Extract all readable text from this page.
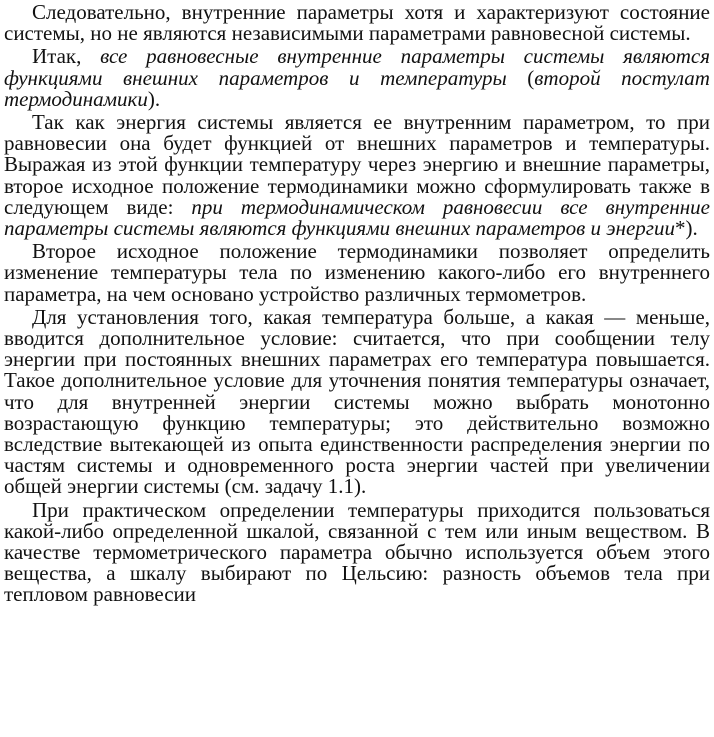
Следовательно, внутренние параметры хотя и характеризуют состояние системы, но не являются независимыми параметрами равновесной системы.

Итак, все равновесные внутренние параметры системы являются функциями внешних параметров и температуры (второй постулат термодинамики).

Так как энергия системы является ее внутренним параметром, то при равновесии она будет функцией от внешних параметров и температуры. Выражая из этой функции температуру через энергию и внешние параметры, второе исходное положение термодинамики можно сформулировать также в следующем виде: при термодинамическом равновесии все внутренние параметры системы являются функциями внешних параметров и энергии*).

Второе исходное положение термодинамики позволяет определить изменение температуры тела по изменению какого-либо его внутреннего параметра, на чем основано устройство различных термометров.

Для установления того, какая температура больше, а какая — меньше, вводится дополнительное условие: считается, что при сообщении телу энергии при постоянных внешних параметрах его температура повышается. Такое дополнительное условие для уточнения понятия температуры означает, что для внутренней энергии системы можно выбрать монотонно возрастающую функцию температуры; это действительно возможно вследствие вытекающей из опыта единственности распределения энергии по частям системы и одновременного роста энергии частей при увеличении общей энергии системы (см. задачу 1.1).

При практическом определении температуры приходится пользоваться какой-либо определенной шкалой, связанной с тем или иным веществом. В качестве термометрического параметра обычно используется объем этого вещества, а шкалу выбирают по Цельсию: разность объемов тела при тепловом равновесии
